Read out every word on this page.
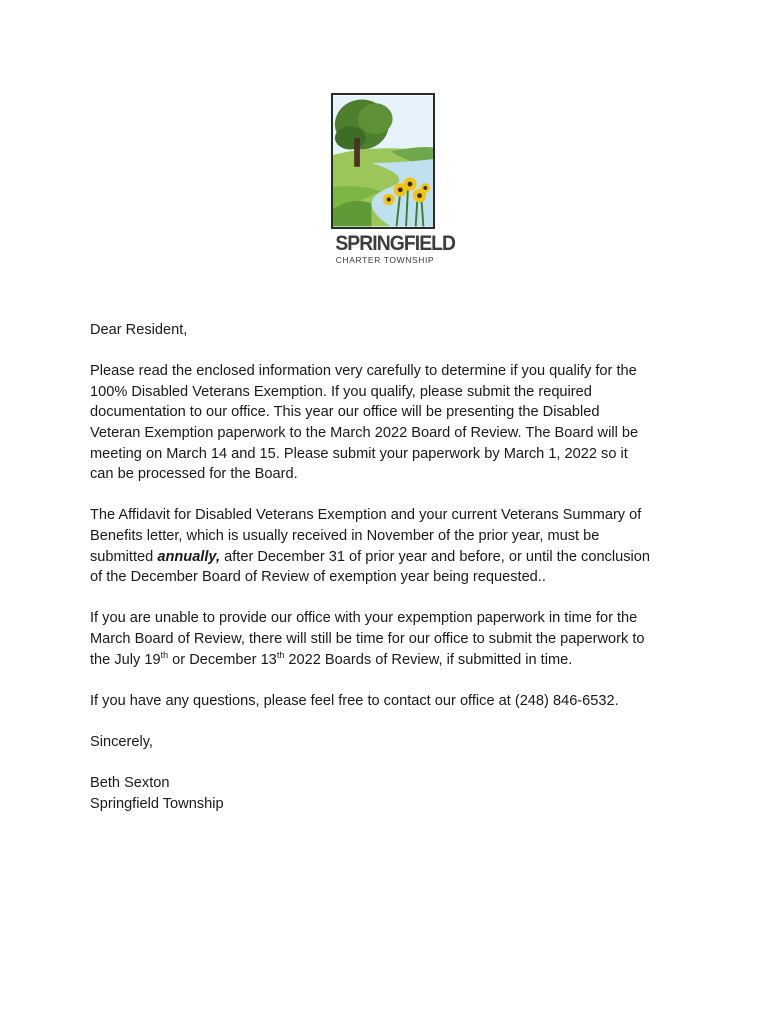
SPRINGFIELD
CHARTER TOWNSHIP

Dear Resident,

Please read the enclosed information very carefully to determine if you qualify for the
100% Disabled Veterans Exemption. If you qualify, please submit the required
documentation to our office. This year our office will be presenting the Disabled
Veteran Exemption paperwork to the March 2022 Board of Review. The Board will be
meeting on March 14 and 15. Please submit your paperwork by March 1, 2022 so it
can be processed for the Board.

The Affidavit for Disabled Veterans Exemption and your current Veterans Summary of
Benefits letter, which is usually received in November of the prior year, must be
submitted annually, after December 31 of prior year and before, or until the conclusion
of the December Board of Review of exemption year being requested..

If you are unable to provide our office with your expemption paperwork in time for the
March Board of Review, there will still be time for our office to submit the paperwork to
the July 19th or December 13th 2022 Boards of Review, if submitted in time.

If you have any questions, please feel free to contact our office at (248) 846-6532.

Sincerely,

Beth Sexton
Springfield Township
